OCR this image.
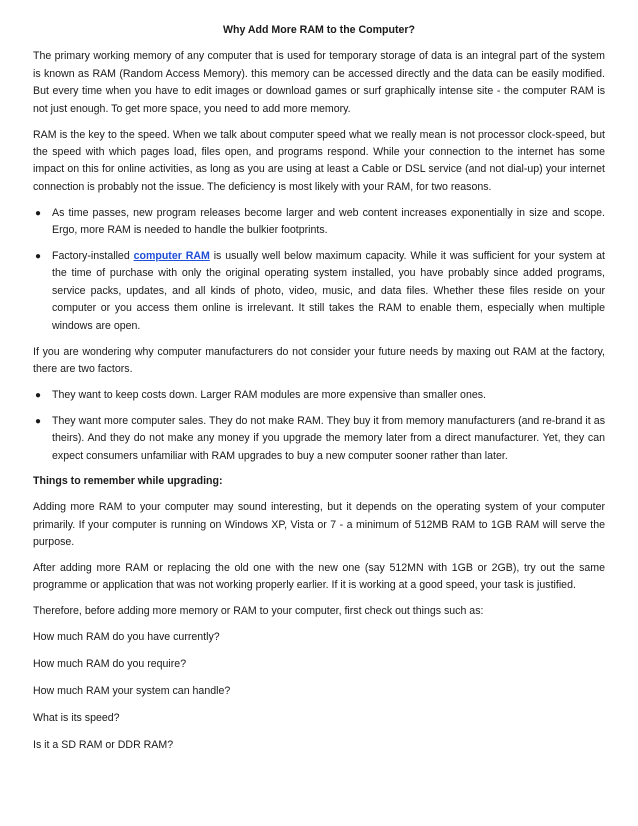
Why Add More RAM to the Computer?

The primary working memory of any computer that is used for temporary storage of data is an integral part of the system is known as RAM (Random Access Memory). this memory can be accessed directly and the data can be easily modified. But every time when you have to edit images or download games or surf graphically intense site - the computer RAM is not just enough. To get more space, you need to add more memory.

RAM is the key to the speed. When we talk about computer speed what we really mean is not processor clock-speed, but the speed with which pages load, files open, and programs respond. While your connection to the internet has some impact on this for online activities, as long as you are using at least a Cable or DSL service (and not dial-up) your internet connection is probably not the issue. The deficiency is most likely with your RAM, for two reasons.

● As time passes, new program releases become larger and web content increases exponentially in size and scope. Ergo, more RAM is needed to handle the bulkier footprints.
● Factory-installed computer RAM is usually well below maximum capacity. While it was sufficient for your system at the time of purchase with only the original operating system installed, you have probably since added programs, service packs, updates, and all kinds of photo, video, music, and data files. Whether these files reside on your computer or you access them online is irrelevant. It still takes the RAM to enable them, especially when multiple windows are open.

If you are wondering why computer manufacturers do not consider your future needs by maxing out RAM at the factory, there are two factors.

● They want to keep costs down. Larger RAM modules are more expensive than smaller ones.
● They want more computer sales. They do not make RAM. They buy it from memory manufacturers (and re-brand it as theirs). And they do not make any money if you upgrade the memory later from a direct manufacturer. Yet, they can expect consumers unfamiliar with RAM upgrades to buy a new computer sooner rather than later.

Things to remember while upgrading:

Adding more RAM to your computer may sound interesting, but it depends on the operating system of your computer primarily. If your computer is running on Windows XP, Vista or 7 - a minimum of 512MB RAM to 1GB RAM will serve the purpose.

After adding more RAM or replacing the old one with the new one (say 512MN with 1GB or 2GB), try out the same programme or application that was not working properly earlier. If it is working at a good speed, your task is justified.

Therefore, before adding more memory or RAM to your computer, first check out things such as:

How much RAM do you have currently?

How much RAM do you require?

How much RAM your system can handle?

What is its speed?

Is it a SD RAM or DDR RAM?
